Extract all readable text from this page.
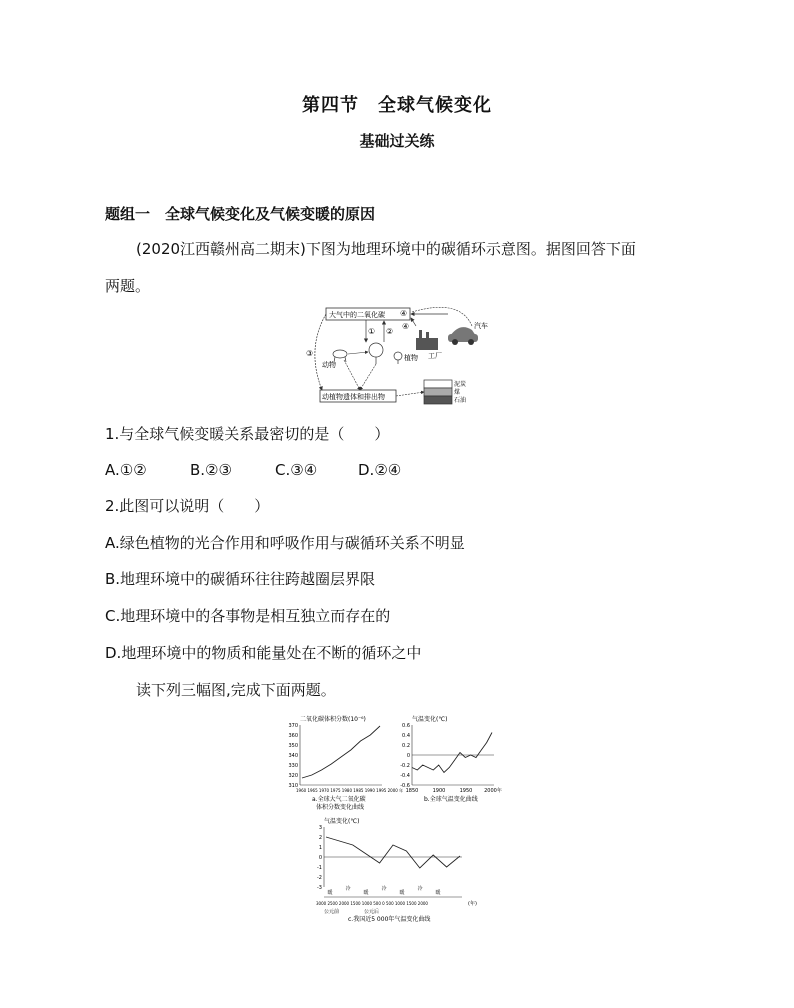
第四节　全球气候变化
基础过关练
题组一　全球气候变化及气候变暖的原因
(2020江西赣州高二期末)下图为地理环境中的碳循环示意图。据图回答下面
两题。
大气中的二氧化碳
动植物遗体和排出物
动物
植物 工厂
汽车
泥炭
煤
石油
① ②
③
④
④
1.与全球气候变暖关系最密切的是（　　）
A.①②	B.②③	C.③④	D.②④
2.此图可以说明（　　）
A.绿色植物的光合作用和呼吸作用与碳循环关系不明显
B.地理环境中的碳循环往往跨越圈层界限
C.地理环境中的各事物是相互独立而存在的
D.地理环境中的物质和能量处在不断的循环之中
读下列三幅图,完成下面两题。
二氧化碳体积分数(10⁻⁶)
370
360
350
340
330
320
310
1960 1965 1970 1975 1980 1985 1990 1995 2000 年
a.全球大气二氧化碳
体积分数变化曲线
气温变化(℃)
0.6
0.4
0.2
0
-0.2
-0.4
-0.6
1850	1900	1950 2000年
b.全球气温变化曲线
气温变化(℃)
3
2
1
0
-1
-2
-3
暖
冷
暖
冷
暖
冷
暖
3000 2500 2000 1500 1000 500 0 500 1000 1500 2000	(年)
公元前	公元后
c.我国近5 000年气温变化曲线
